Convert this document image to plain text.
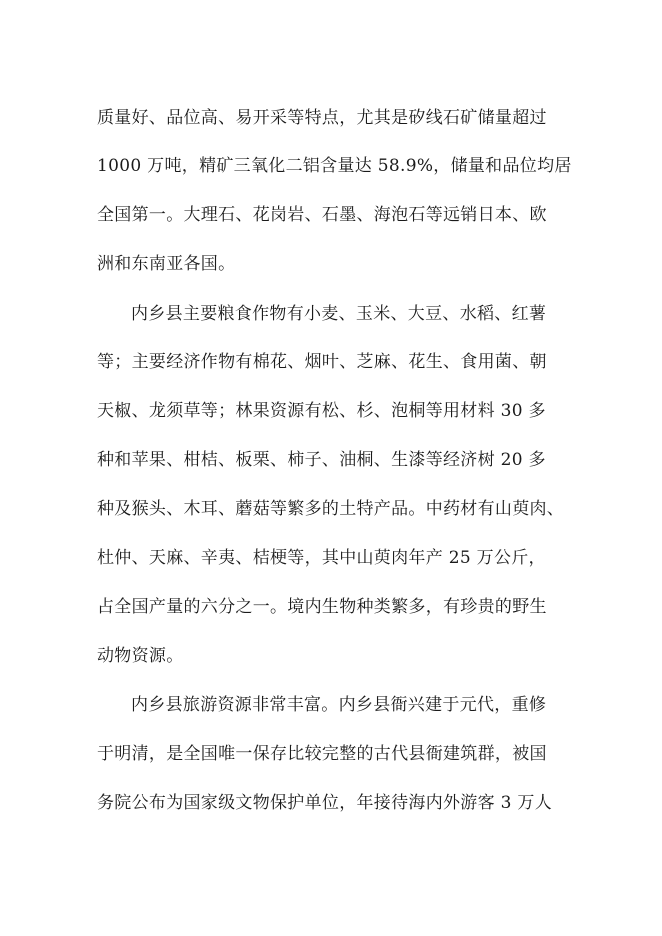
质量好、品位高、易开采等特点，尤其是矽线石矿储量超过
1000 万吨，精矿三氧化二铝含量达 58.9%，储量和品位均居
全国第一。大理石、花岗岩、石墨、海泡石等远销日本、欧
洲和东南亚各国。
内乡县主要粮食作物有小麦、玉米、大豆、水稻、红薯
等；主要经济作物有棉花、烟叶、芝麻、花生、食用菌、朝
天椒、龙须草等；林果资源有松、杉、泡桐等用材料 30 多
种和苹果、柑桔、板栗、柿子、油桐、生漆等经济树 20 多
种及猴头、木耳、蘑菇等繁多的土特产品。中药材有山萸肉、
杜仲、天麻、辛夷、桔梗等，其中山萸肉年产 25 万公斤，
占全国产量的六分之一。境内生物种类繁多，有珍贵的野生
动物资源。
内乡县旅游资源非常丰富。内乡县衙兴建于元代，重修
于明清，是全国唯一保存比较完整的古代县衙建筑群，被国
务院公布为国家级文物保护单位，年接待海内外游客 3 万人
